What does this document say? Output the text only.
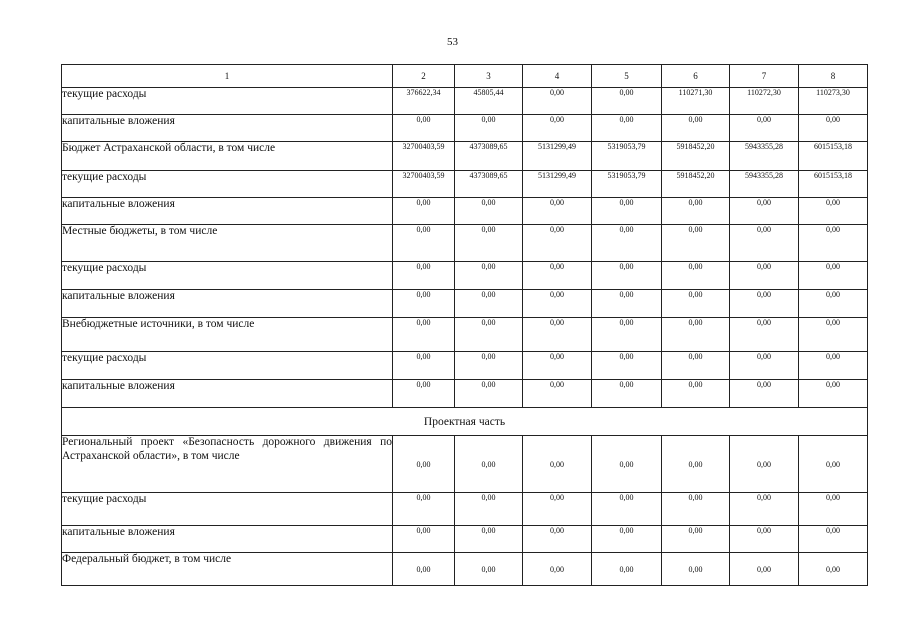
53
1	2	3	4	5	6	7	8
текущие расходы	376622,34	45805,44	0,00	0,00	110271,30	110272,30	110273,30
капитальные вложения	0,00	0,00	0,00	0,00	0,00	0,00	0,00
Бюджет Астраханской области, в том числе	32700403,59	4373089,65	5131299,49	5319053,79	5918452,20	5943355,28	6015153,18
текущие расходы	32700403,59	4373089,65	5131299,49	5319053,79	5918452,20	5943355,28	6015153,18
капитальные вложения	0,00	0,00	0,00	0,00	0,00	0,00	0,00
Местные бюджеты, в том числе	0,00	0,00	0,00	0,00	0,00	0,00	0,00
текущие расходы	0,00	0,00	0,00	0,00	0,00	0,00	0,00
капитальные вложения	0,00	0,00	0,00	0,00	0,00	0,00	0,00
Внебюджетные источники, в том числе	0,00	0,00	0,00	0,00	0,00	0,00	0,00
текущие расходы	0,00	0,00	0,00	0,00	0,00	0,00	0,00
капитальные вложения	0,00	0,00	0,00	0,00	0,00	0,00	0,00
Проектная часть							
Региональный проект «Безопасность дорожного движения по Астраханской области», в том числе	0,00	0,00	0,00	0,00	0,00	0,00	0,00
текущие расходы	0,00	0,00	0,00	0,00	0,00	0,00	0,00
капитальные вложения	0,00	0,00	0,00	0,00	0,00	0,00	0,00
Федеральный бюджет, в том числе	0,00	0,00	0,00	0,00	0,00	0,00	0,00
